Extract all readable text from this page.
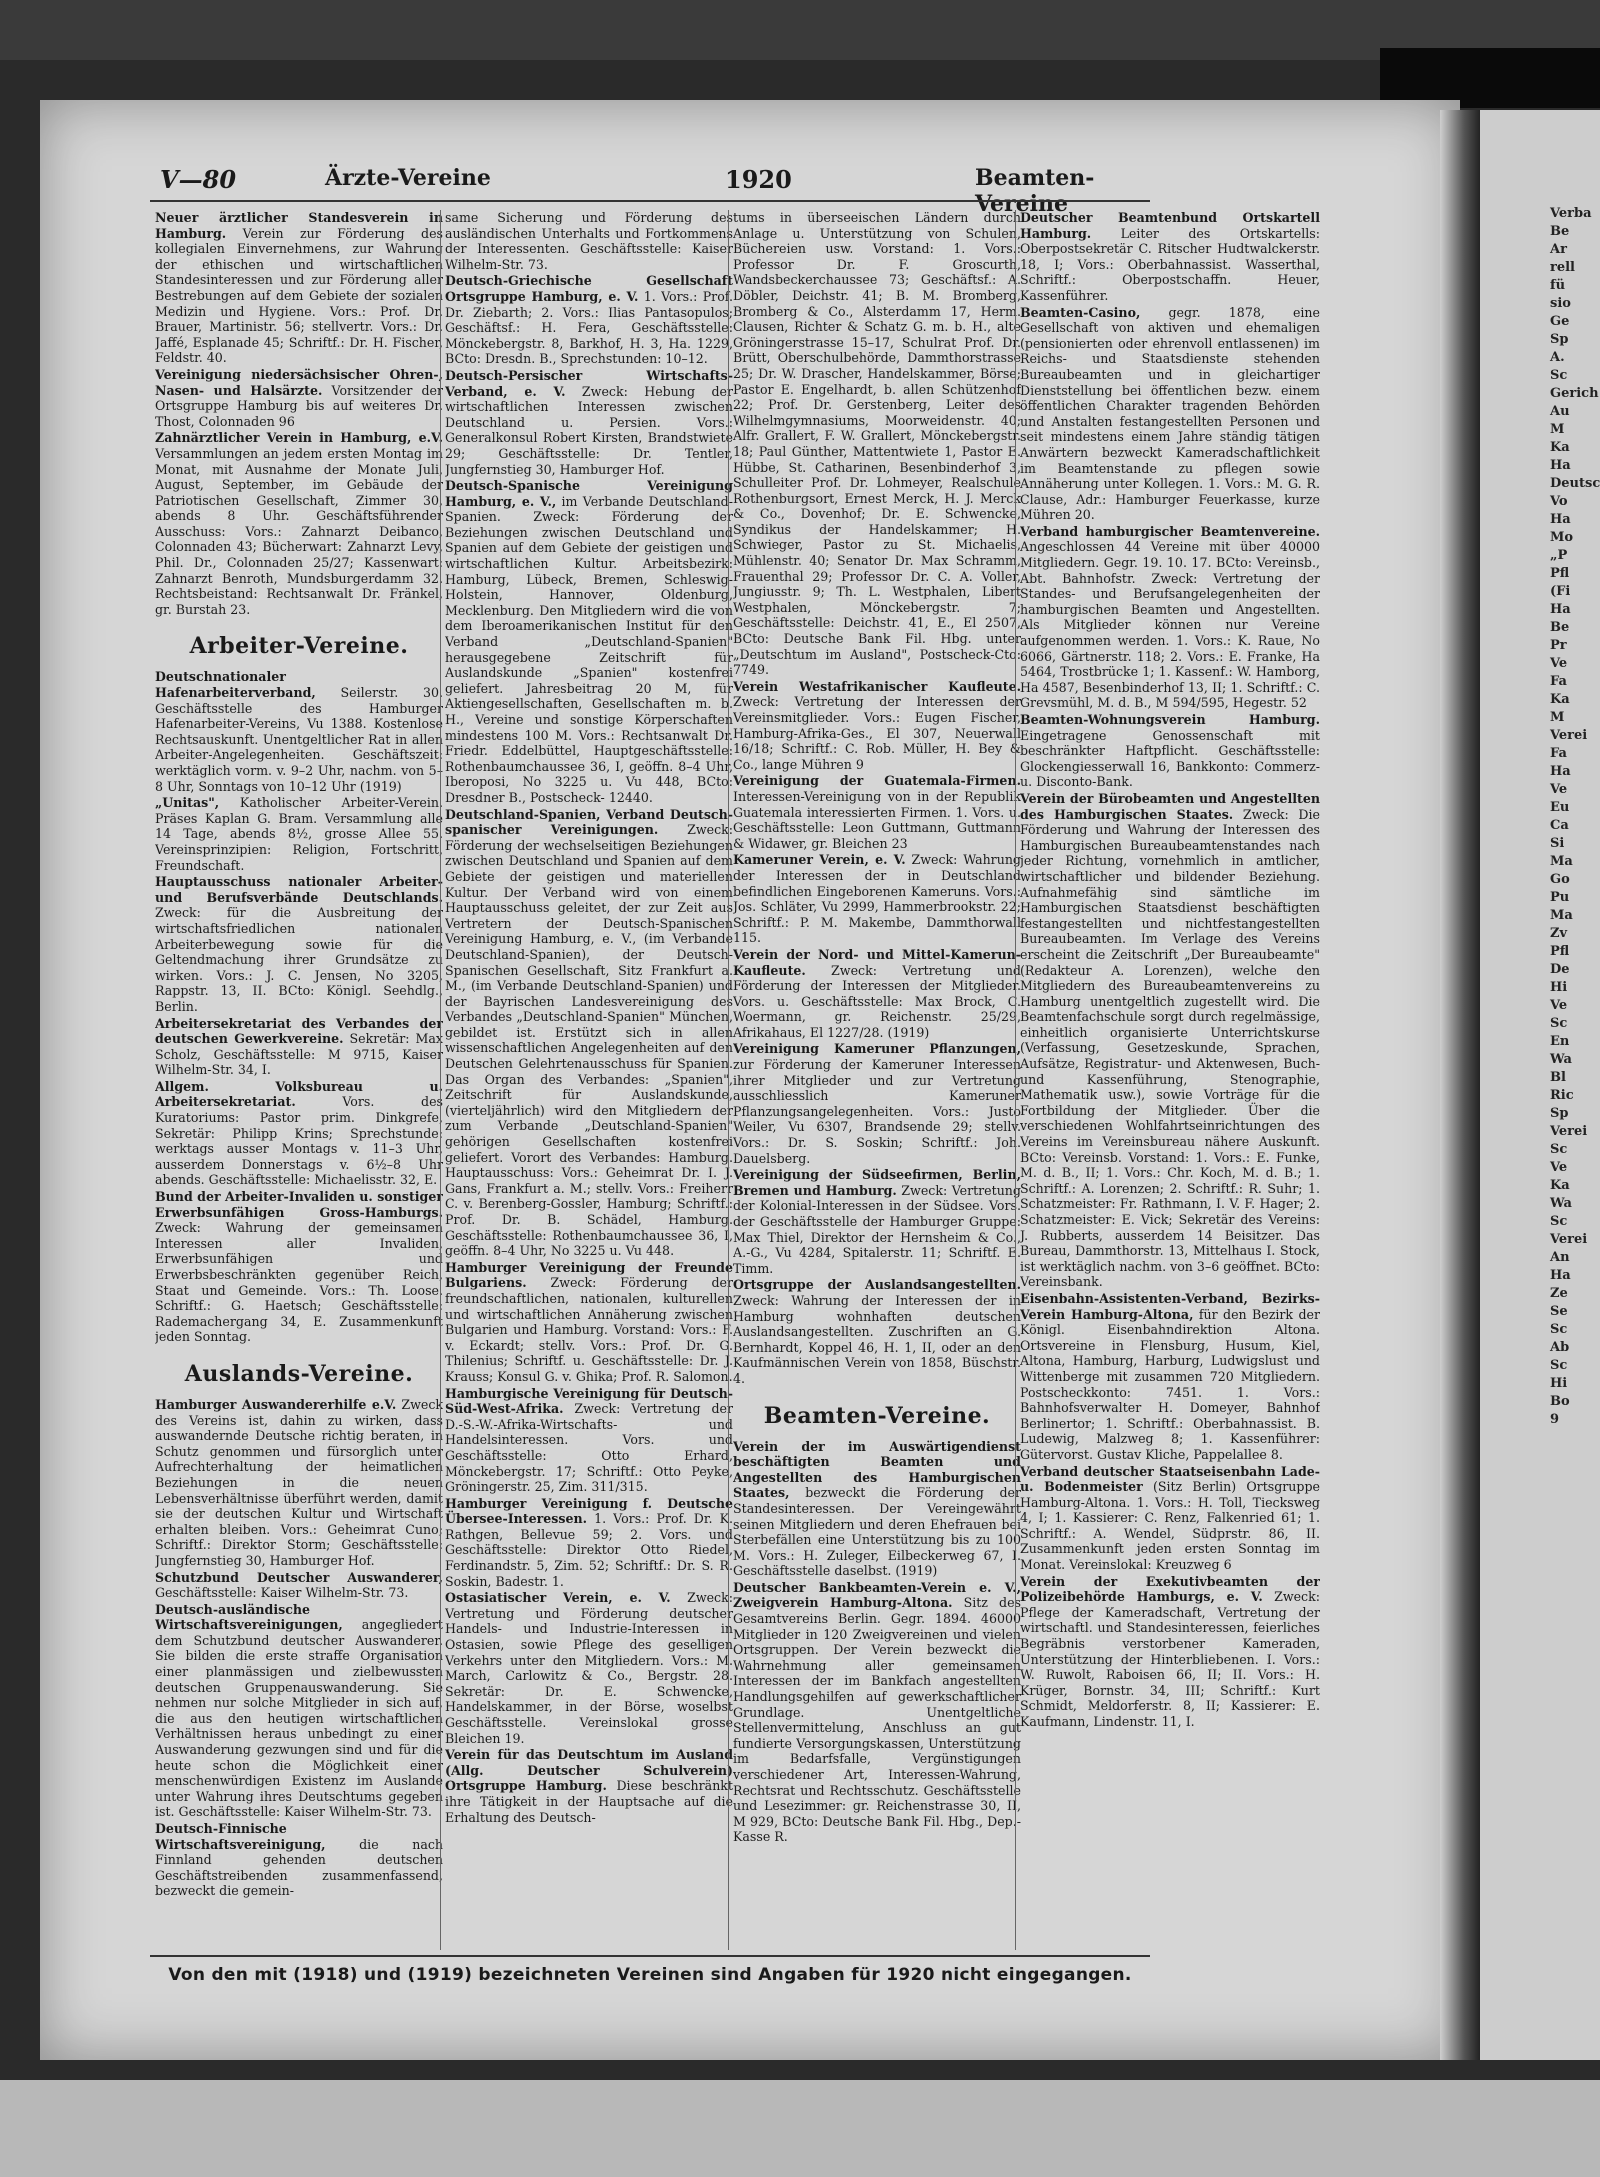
Verba
Be
Ar
rell
fü
sio
Ge
Sp
A.
Sc
Gerich
Au
M
Ka
Ha
Deutsc
Vo
Ha
Mo
„P
Pfl
(Fi
Ha
Be
Pr
Ve
Fa
Ka
M
Verei
Fa
Ha
Ve
Eu
Ca
Si
Ma
Go
Pu
Ma
Zv
Pfl
De
Hi
Ve
Sc
En
Wa
Bl
Ric
Sp
Verei
Sc
Ve
Ka
Wa
Sc
Verei
An
Ha
Ze
Se
Sc
Ab
Sc
Hi
Bo
9
V—80	Ärzte-Vereine	1920	Beamten-Vereine

Neuer ärztlicher Standesverein in Hamburg. Verein zur Förderung des kollegialen Einvernehmens, zur Wahrung der ethischen und wirtschaftlichen Standesinteressen und zur Förderung aller Bestrebungen auf dem Gebiete der sozialen Medizin und Hygiene. Vors.: Prof. Dr. Brauer, Martinistr. 56; stellvertr. Vors.: Dr. Jaffé, Esplanade 45; Schriftf.: Dr. H. Fischer, Feldstr. 40.

Vereinigung niedersächsischer Ohren-, Nasen- und Halsärzte. Vorsitzender der Ortsgruppe Hamburg bis auf weiteres Dr. Thost, Colonnaden 96

Zahnärztlicher Verein in Hamburg, e.V. Versammlungen an jedem ersten Montag im Monat, mit Ausnahme der Monate Juli, August, September, im Gebäude der Patriotischen Gesellschaft, Zimmer 30, abends 8 Uhr. Geschäftsführender Ausschuss: Vors.: Zahnarzt Deibanco, Colonnaden 43; Bücherwart: Zahnarzt Levy, Phil. Dr., Colonnaden 25/27; Kassenwart: Zahnarzt Benroth, Mundsburgerdamm 32. Rechtsbeistand: Rechtsanwalt Dr. Fränkel, gr. Burstah 23.

Arbeiter-Vereine.

Deutschnationaler Hafenarbeiterverband, Seilerstr. 30. Geschäftsstelle des Hamburger Hafenarbeiter-Vereins, Vu 1388. Kostenlose Rechtsauskunft. Unentgeltlicher Rat in allen Arbeiter-Angelegenheiten. Geschäftszeit: werktäglich vorm. v. 9–2 Uhr, nachm. von 5–8 Uhr, Sonntags von 10–12 Uhr (1919)

„Unitas", Katholischer Arbeiter-Verein. Präses Kaplan G. Bram. Versammlung alle 14 Tage, abends 8½, grosse Allee 55. Vereinsprinzipien: Religion, Fortschritt, Freundschaft.

Hauptausschuss nationaler Arbeiter- und Berufsverbände Deutschlands. Zweck: für die Ausbreitung der wirtschaftsfriedlichen nationalen Arbeiterbewegung sowie für die Geltendmachung ihrer Grundsätze zu wirken. Vors.: J. C. Jensen, No 3205, Rappstr. 13, II. BCto: Königl. Seehdlg., Berlin.

Arbeitersekretariat des Verbandes der deutschen Gewerkvereine. Sekretär: Max Scholz, Geschäftsstelle: M 9715, Kaiser Wilhelm-Str. 34, I.

Allgem. Volksbureau u. Arbeitersekretariat. Vors. des Kuratoriums: Pastor prim. Dinkgrefe, Sekretär: Philipp Krins; Sprechstunde: werktags ausser Montags v. 11–3 Uhr, ausserdem Donnerstags v. 6½–8 Uhr abends. Geschäftsstelle: Michaelisstr. 32, E.

Bund der Arbeiter-Invaliden u. sonstiger Erwerbsunfähigen Gross-Hamburgs. Zweck: Wahrung der gemeinsamen Interessen aller Invaliden, Erwerbsunfähigen und Erwerbsbeschränkten gegenüber Reich, Staat und Gemeinde. Vors.: Th. Loose. Schriftf.: G. Haetsch; Geschäftsstelle: Rademachergang 34, E. Zusammenkunft jeden Sonntag.

Auslands-Vereine.

Hamburger Auswandererhilfe e.V. Zweck des Vereins ist, dahin zu wirken, dass auswandernde Deutsche richtig beraten, in Schutz genommen und fürsorglich unter Aufrechterhaltung der heimatlichen Beziehungen in die neuen Lebensverhältnisse überführt werden, damit sie der deutschen Kultur und Wirtschaft erhalten bleiben. Vors.: Geheimrat Cuno; Schriftf.: Direktor Storm; Geschäftsstelle: Jungfernstieg 30, Hamburger Hof.

Schutzbund Deutscher Auswanderer, Geschäftsstelle: Kaiser Wilhelm-Str. 73.

Deutsch-ausländische Wirtschaftsvereinigungen, angegliedert dem Schutzbund deutscher Auswanderer. Sie bilden die erste straffe Organisation einer planmässigen und zielbewussten deutschen Gruppenauswanderung. Sie nehmen nur solche Mitglieder in sich auf, die aus den heutigen wirtschaftlichen Verhältnissen heraus unbedingt zu einer Auswanderung gezwungen sind und für die heute schon die Möglichkeit einer menschenwürdigen Existenz im Auslande unter Wahrung ihres Deutschtums gegeben ist. Geschäftsstelle: Kaiser Wilhelm-Str. 73.

Deutsch-Finnische Wirtschaftsvereinigung, die nach Finnland gehenden deutschen Geschäftstreibenden zusammenfassend, bezweckt die gemein-

same Sicherung und Förderung des ausländischen Unterhalts und Fortkommens der Interessenten. Geschäftsstelle: Kaiser Wilhelm-Str. 73.

Deutsch-Griechische Gesellschaft Ortsgruppe Hamburg, e. V. 1. Vors.: Prof. Dr. Ziebarth; 2. Vors.: Ilias Pantasopulos; Geschäftsf.: H. Fera, Geschäftsstelle: Mönckebergstr. 8, Barkhof, H. 3, Ha. 1229, BCto: Dresdn. B., Sprechstunden: 10–12.

Deutsch-Persischer Wirtschafts-Verband, e. V. Zweck: Hebung der wirtschaftlichen Interessen zwischen Deutschland u. Persien. Vors.: Generalkonsul Robert Kirsten, Brandstwiete 29; Geschäftsstelle: Dr. Tentler, Jungfernstieg 30, Hamburger Hof.

Deutsch-Spanische Vereinigung Hamburg, e. V., im Verbande Deutschland-Spanien. Zweck: Förderung der Beziehungen zwischen Deutschland und Spanien auf dem Gebiete der geistigen und wirtschaftlichen Kultur. Arbeitsbezirk: Hamburg, Lübeck, Bremen, Schleswig-Holstein, Hannover, Oldenburg, Mecklenburg. Den Mitgliedern wird die von dem Iberoamerikanischen Institut für den Verband „Deutschland-Spanien" herausgegebene Zeitschrift für Auslandskunde „Spanien" kostenfrei geliefert. Jahresbeitrag 20 M, für Aktiengesellschaften, Gesellschaften m. b. H., Vereine und sonstige Körperschaften mindestens 100 M. Vors.: Rechtsanwalt Dr. Friedr. Eddelbüttel, Hauptgeschäftsstelle: Rothenbaumchaussee 36, I, geöffn. 8–4 Uhr, Iberoposi, No 3225 u. Vu 448, BCto: Dresdner B., Postscheck- 12440.

Deutschland-Spanien, Verband Deutsch-spanischer Vereinigungen. Zweck: Förderung der wechselseitigen Beziehungen zwischen Deutschland und Spanien auf dem Gebiete der geistigen und materiellen Kultur. Der Verband wird von einem Hauptausschuss geleitet, der zur Zeit aus Vertretern der Deutsch-Spanischen Vereinigung Hamburg, e. V., (im Verbande Deutschland-Spanien), der Deutsch-Spanischen Gesellschaft, Sitz Frankfurt a. M., (im Verbande Deutschland-Spanien) und der Bayrischen Landesvereinigung des Verbandes „Deutschland-Spanien" München, gebildet ist. Erstützt sich in allen wissenschaftlichen Angelegenheiten auf den Deutschen Gelehrtenausschuss für Spanien. Das Organ des Verbandes: „Spanien", Zeitschrift für Auslandskunde, (vierteljährlich) wird den Mitgliedern der zum Verbande „Deutschland-Spanien" gehörigen Gesellschaften kostenfrei geliefert. Vorort des Verbandes: Hamburg. Hauptausschuss: Vors.: Geheimrat Dr. I. J. Gans, Frankfurt a. M.; stellv. Vors.: Freiherr C. v. Berenberg-Gossler, Hamburg; Schriftf.: Prof. Dr. B. Schädel, Hamburg. Geschäftsstelle: Rothenbaumchaussee 36, I, geöffn. 8–4 Uhr, No 3225 u. Vu 448.

Hamburger Vereinigung der Freunde Bulgariens. Zweck: Förderung der freundschaftlichen, nationalen, kulturellen und wirtschaftlichen Annäherung zwischen Bulgarien und Hamburg. Vorstand: Vors.: F. v. Eckardt; stellv. Vors.: Prof. Dr. G. Thilenius; Schriftf. u. Geschäftsstelle: Dr. J. Krauss; Konsul G. v. Ghika; Prof. R. Salomon.

Hamburgische Vereinigung für Deutsch-Süd-West-Afrika. Zweck: Vertretung der D.-S.-W.-Afrika-Wirtschafts- und Handelsinteressen. Vors. und Geschäftsstelle: Otto Erhard, Mönckebergstr. 17; Schriftf.: Otto Peyke, Gröningerstr. 25, Zim. 311/315.

Hamburger Vereinigung f. Deutsche Übersee-Interessen. 1. Vors.: Prof. Dr. K. Rathgen, Bellevue 59; 2. Vors. und Geschäftsstelle: Direktor Otto Riedel, Ferdinandstr. 5, Zim. 52; Schriftf.: Dr. S. R. Soskin, Badestr. 1.

Ostasiatischer Verein, e. V. Zweck: Vertretung und Förderung deutscher Handels- und Industrie-Interessen in Ostasien, sowie Pflege des geselligen Verkehrs unter den Mitgliedern. Vors.: M. March, Carlowitz & Co., Bergstr. 28. Sekretär: Dr. E. Schwencke, Handelskammer, in der Börse, woselbst Geschäftsstelle. Vereinslokal grosse Bleichen 19.

Verein für das Deutschtum im Ausland (Allg. Deutscher Schulverein) Ortsgruppe Hamburg. Diese beschränkt ihre Tätigkeit in der Hauptsache auf die Erhaltung des Deutsch-

tums in überseeischen Ländern durch Anlage u. Unterstützung von Schulen, Büchereien usw. Vorstand: 1. Vors.: Professor Dr. F. Groscurth, Wandsbeckerchaussee 73; Geschäftsf.: A. Döbler, Deichstr. 41; B. M. Bromberg, Bromberg & Co., Alsterdamm 17, Herm. Clausen, Richter & Schatz G. m. b. H., alte Gröningerstrasse 15–17, Schulrat Prof. Dr. Brütt, Oberschulbehörde, Dammthorstrasse 25; Dr. W. Drascher, Handelskammer, Börse; Pastor E. Engelhardt, b. allen Schützenhof 22; Prof. Dr. Gerstenberg, Leiter des Wilhelmgymnasiums, Moorweidenstr. 40; Alfr. Grallert, F. W. Grallert, Mönckebergstr. 18; Paul Günther, Mattentwiete 1, Pastor E. Hübbe, St. Catharinen, Besenbinderhof 3, Schulleiter Prof. Dr. Lohmeyer, Realschule Rothenburgsort, Ernest Merck, H. J. Merck & Co., Dovenhof; Dr. E. Schwencke, Syndikus der Handelskammer; H. Schwieger, Pastor zu St. Michaelis, Mühlenstr. 40; Senator Dr. Max Schramm, Frauenthal 29; Professor Dr. C. A. Voller, Jungiusstr. 9; Th. L. Westphalen, Libert Westphalen, Mönckebergstr. 7; Geschäftsstelle: Deichstr. 41, E., El 2507, BCto: Deutsche Bank Fil. Hbg. unter „Deutschtum im Ausland", Postscheck-Cto: 7749.

Verein Westafrikanischer Kaufleute. Zweck: Vertretung der Interessen der Vereinsmitglieder. Vors.: Eugen Fischer, Hamburg-Afrika-Ges., El 307, Neuerwall 16/18; Schriftf.: C. Rob. Müller, H. Bey & Co., lange Mühren 9

Vereinigung der Guatemala-Firmen. Interessen-Vereinigung von in der Republik Guatemala interessierten Firmen. 1. Vors. u. Geschäftsstelle: Leon Guttmann, Guttmann & Widawer, gr. Bleichen 23

Kameruner Verein, e. V. Zweck: Wahrung der Interessen der in Deutschland befindlichen Eingeborenen Kameruns. Vors.: Jos. Schläter, Vu 2999, Hammerbrookstr. 22; Schriftf.: P. M. Makembe, Dammthorwall 115.

Verein der Nord- und Mittel-Kamerun-Kaufleute. Zweck: Vertretung und Förderung der Interessen der Mitglieder. Vors. u. Geschäftsstelle: Max Brock, C. Woermann, gr. Reichenstr. 25/29, Afrikahaus, El 1227/28. (1919)

Vereinigung Kameruner Pflanzungen, zur Förderung der Kameruner Interessen ihrer Mitglieder und zur Vertretung ausschliesslich Kameruner Pflanzungsangelegenheiten. Vors.: Justo Weiler, Vu 6307, Brandsende 29; stellv. Vors.: Dr. S. Soskin; Schriftf.: Joh. Dauelsberg.

Vereinigung der Südseefirmen, Berlin, Bremen und Hamburg. Zweck: Vertretung der Kolonial-Interessen in der Südsee. Vors. der Geschäftsstelle der Hamburger Gruppe: Max Thiel, Direktor der Hernsheim & Co., A.-G., Vu 4284, Spitalerstr. 11; Schriftf. E. Timm.

Ortsgruppe der Auslandsangestellten. Zweck: Wahrung der Interessen der in Hamburg wohnhaften deutschen Auslandsangestellten. Zuschriften an G. Bernhardt, Koppel 46, H. 1, II, oder an den Kaufmännischen Verein von 1858, Büschstr. 4.

Beamten-Vereine.

Verein der im Auswärtigendienst beschäftigten Beamten und Angestellten des Hamburgischen Staates, bezweckt die Förderung der Standesinteressen. Der Vereingewährt seinen Mitgliedern und deren Ehefrauen bei Sterbefällen eine Unterstützung bis zu 100 M. Vors.: H. Zuleger, Eilbeckerweg 67, I. Geschäftsstelle daselbst. (1919)

Deutscher Bankbeamten-Verein e. V., Zweigverein Hamburg-Altona. Sitz des Gesamtvereins Berlin. Gegr. 1894. 46000 Mitglieder in 120 Zweigvereinen und vielen Ortsgruppen. Der Verein bezweckt die Wahrnehmung aller gemeinsamen Interessen der im Bankfach angestellten Handlungsgehilfen auf gewerkschaftlicher Grundlage. Unentgeltliche Stellenvermittelung, Anschluss an gut fundierte Versorgungskassen, Unterstützung im Bedarfsfalle, Vergünstigungen verschiedener Art, Interessen-Wahrung, Rechtsrat und Rechtsschutz. Geschäftsstelle und Lesezimmer: gr. Reichenstrasse 30, II, M 929, BCto: Deutsche Bank Fil. Hbg., Dep.-Kasse R.

Deutscher Beamtenbund Ortskartell Hamburg. Leiter des Ortskartells: Oberpostsekretär C. Ritscher Hudtwalckerstr. 18, I; Vors.: Oberbahnassist. Wasserthal, Schriftf.: Oberpostschaffn. Heuer, Kassenführer.

Beamten-Casino, gegr. 1878, eine Gesellschaft von aktiven und ehemaligen (pensionierten oder ehrenvoll entlassenen) im Reichs- und Staatsdienste stehenden Bureaubeamten und in gleichartiger Dienststellung bei öffentlichen bezw. einem öffentlichen Charakter tragenden Behörden und Anstalten festangestellten Personen und seit mindestens einem Jahre ständig tätigen Anwärtern bezweckt Kameradschaftlichkeit im Beamtenstande zu pflegen sowie Annäherung unter Kollegen. 1. Vors.: M. G. R. Clause, Adr.: Hamburger Feuerkasse, kurze Mühren 20.

Verband hamburgischer Beamtenvereine. Angeschlossen 44 Vereine mit über 40000 Mitgliedern. Gegr. 19. 10. 17. BCto: Vereinsb., Abt. Bahnhofstr. Zweck: Vertretung der Standes- und Berufsangelegenheiten der hamburgischen Beamten und Angestellten. Als Mitglieder können nur Vereine aufgenommen werden. 1. Vors.: K. Raue, No 6066, Gärtnerstr. 118; 2. Vors.: E. Franke, Ha 5464, Trostbrücke 1; 1. Kassenf.: W. Hamborg, Ha 4587, Besenbinderhof 13, II; 1. Schriftf.: C. Grevsmühl, M. d. B., M 594/595, Hegestr. 52

Beamten-Wohnungsverein Hamburg. Eingetragene Genossenschaft mit beschränkter Haftpflicht. Geschäftsstelle: Glockengiesserwall 16, Bankkonto: Commerz- u. Disconto-Bank.

Verein der Bürobeamten und Angestellten des Hamburgischen Staates. Zweck: Die Förderung und Wahrung der Interessen des Hamburgischen Bureaubeamtenstandes nach jeder Richtung, vornehmlich in amtlicher, wirtschaftlicher und bildender Beziehung. Aufnahmefähig sind sämtliche im Hamburgischen Staatsdienst beschäftigten festangestellten und nichtfestangestellten Bureaubeamten. Im Verlage des Vereins erscheint die Zeitschrift „Der Bureaubeamte" (Redakteur A. Lorenzen), welche den Mitgliedern des Bureaubeamtenvereins zu Hamburg unentgeltlich zugestellt wird. Die Beamtenfachschule sorgt durch regelmässige, einheitlich organisierte Unterrichtskurse (Verfassung, Gesetzeskunde, Sprachen, Aufsätze, Registratur- und Aktenwesen, Buch- und Kassenführung, Stenographie, Mathematik usw.), sowie Vorträge für die Fortbildung der Mitglieder. Über die verschiedenen Wohlfahrtseinrichtungen des Vereins im Vereinsbureau nähere Auskunft. BCto: Vereinsb. Vorstand: 1. Vors.: E. Funke, M. d. B., II; 1. Vors.: Chr. Koch, M. d. B.; 1. Schriftf.: A. Lorenzen; 2. Schriftf.: R. Suhr; 1. Schatzmeister: Fr. Rathmann, I. V. F. Hager; 2. Schatzmeister: E. Vick; Sekretär des Vereins: J. Rubberts, ausserdem 14 Beisitzer. Das Bureau, Dammthorstr. 13, Mittelhaus I. Stock, ist werktäglich nachm. von 3–6 geöffnet. BCto: Vereinsbank.

Eisenbahn-Assistenten-Verband, Bezirks-Verein Hamburg-Altona, für den Bezirk der Königl. Eisenbahndirektion Altona. Ortsvereine in Flensburg, Husum, Kiel, Altona, Hamburg, Harburg, Ludwigslust und Wittenberge mit zusammen 720 Mitgliedern. Postscheckkonto: 7451. 1. Vors.: Bahnhofsverwalter H. Domeyer, Bahnhof Berlinertor; 1. Schriftf.: Oberbahnassist. B. Ludewig, Malzweg 8; 1. Kassenführer: Gütervorst. Gustav Kliche, Pappelallee 8.

Verband deutscher Staatseisenbahn Lade- u. Bodenmeister (Sitz Berlin) Ortsgruppe Hamburg-Altona. 1. Vors.: H. Toll, Tiecksweg 4, I; 1. Kassierer: C. Renz, Falkenried 61; 1. Schriftf.: A. Wendel, Südprstr. 86, II. Zusammenkunft jeden ersten Sonntag im Monat. Vereinslokal: Kreuzweg 6

Verein der Exekutivbeamten der Polizeibehörde Hamburgs, e. V. Zweck: Pflege der Kameradschaft, Vertretung der wirtschaftl. und Standesinteressen, feierliches Begräbnis verstorbener Kameraden, Unterstützung der Hinterbliebenen. I. Vors.: W. Ruwolt, Raboisen 66, II; II. Vors.: H. Krüger, Bornstr. 34, III; Schriftf.: Kurt Schmidt, Meldorferstr. 8, II; Kassierer: E. Kaufmann, Lindenstr. 11, I.

Von den mit (1918) und (1919) bezeichneten Vereinen sind Angaben für 1920 nicht eingegangen.
